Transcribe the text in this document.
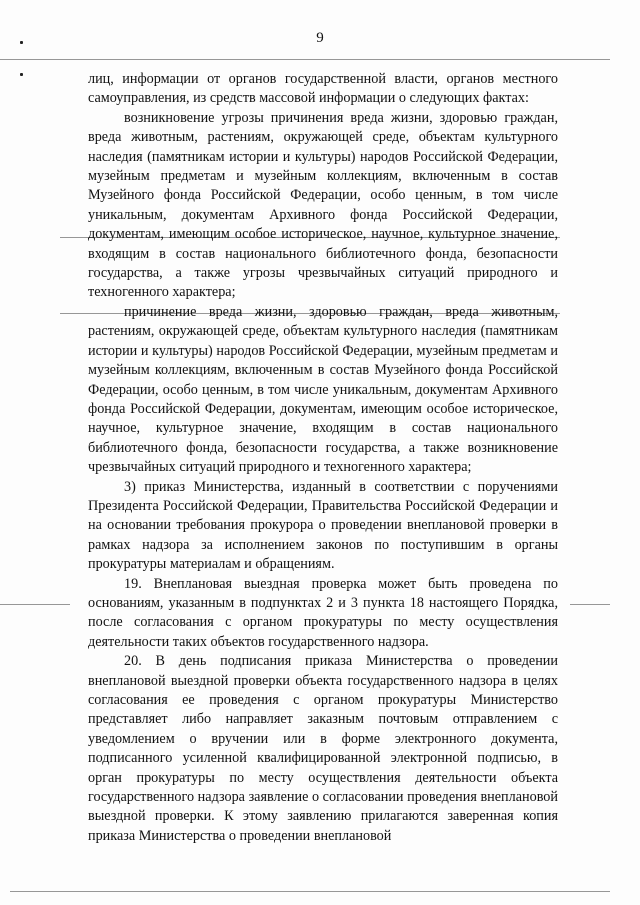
9

лиц, информации от органов государственной власти, органов местного самоуправления, из средств массовой информации о следующих фактах:

возникновение угрозы причинения вреда жизни, здоровью граждан, вреда животным, растениям, окружающей среде, объектам культурного наследия (памятникам истории и культуры) народов Российской Федерации, музейным предметам и музейным коллекциям, включенным в состав Музейного фонда Российской Федерации, особо ценным, в том числе уникальным, документам Архивного фонда Российской Федерации, документам, имеющим особое историческое, научное, культурное значение, входящим в состав национального библиотечного фонда, безопасности государства, а также угрозы чрезвычайных ситуаций природного и техногенного характера;

причинение вреда жизни, здоровью граждан, вреда животным, растениям, окружающей среде, объектам культурного наследия (памятникам истории и культуры) народов Российской Федерации, музейным предметам и музейным коллекциям, включенным в состав Музейного фонда Российской Федерации, особо ценным, в том числе уникальным, документам Архивного фонда Российской Федерации, документам, имеющим особое историческое, научное, культурное значение, входящим в состав национального библиотечного фонда, безопасности государства, а также возникновение чрезвычайных ситуаций природного и техногенного характера;

3) приказ Министерства, изданный в соответствии с поручениями Президента Российской Федерации, Правительства Российской Федерации и на основании требования прокурора о проведении внеплановой проверки в рамках надзора за исполнением законов по поступившим в органы прокуратуры материалам и обращениям.

19. Внеплановая выездная проверка может быть проведена по основаниям, указанным в подпунктах 2 и 3 пункта 18 настоящего Порядка, после согласования с органом прокуратуры по месту осуществления деятельности таких объектов государственного надзора.

20. В день подписания приказа Министерства о проведении внеплановой выездной проверки объекта государственного надзора в целях согласования ее проведения с органом прокуратуры Министерство представляет либо направляет заказным почтовым отправлением с уведомлением о вручении или в форме электронного документа, подписанного усиленной квалифицированной электронной подписью, в орган прокуратуры по месту осуществления деятельности объекта государственного надзора заявление о согласовании проведения внеплановой выездной проверки. К этому заявлению прилагаются заверенная копия приказа Министерства о проведении внеплановой
